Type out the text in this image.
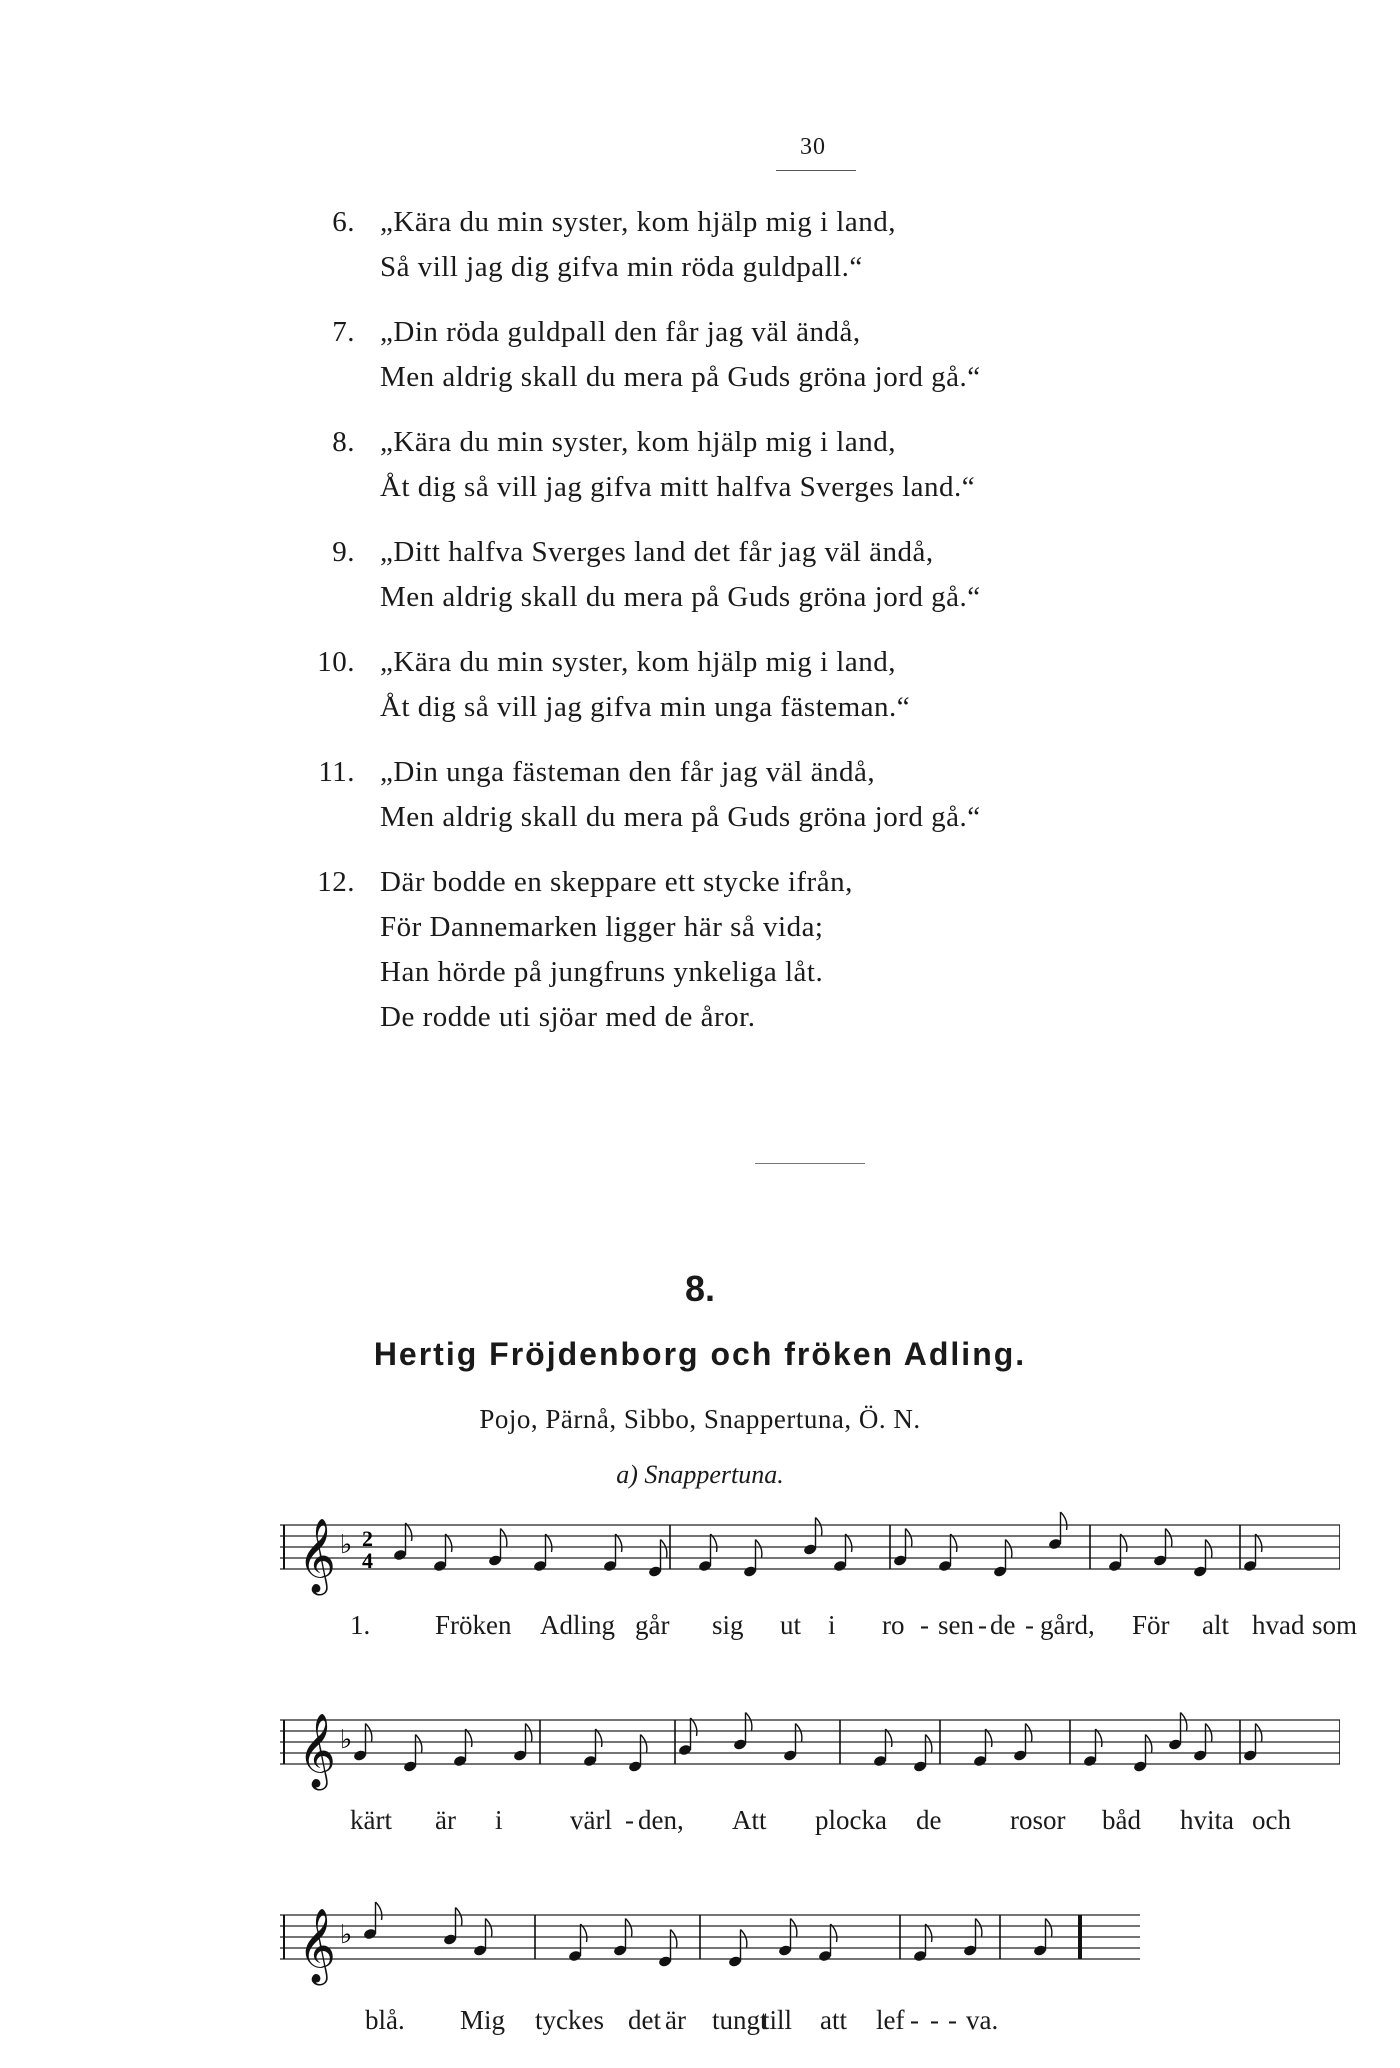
30
6. „Kära du min syster, kom hjälp mig i land,
Så vill jag dig gifva min röda guldpall.“
7. „Din röda guldpall den får jag väl ändå,
Men aldrig skall du mera på Guds gröna jord gå.“
8. „Kära du min syster, kom hjälp mig i land,
Åt dig så vill jag gifva mitt halfva Sverges land.“
9. „Ditt halfva Sverges land det får jag väl ändå,
Men aldrig skall du mera på Guds gröna jord gå.“
10. „Kära du min syster, kom hjälp mig i land,
Åt dig så vill jag gifva min unga fästeman.“
11. „Din unga fästeman den får jag väl ändå,
Men aldrig skall du mera på Guds gröna jord gå.“
12. Där bodde en skeppare ett stycke ifrån,
För Dannemarken ligger här så vida;
Han hörde på jungfruns ynkeliga låt.
De rodde uti sjöar med de åror.
8.
Hertig Fröjdenborg och fröken Adling.
Pojo, Pärnå, Sibbo, Snappertuna, Ö. N.
a) Snappertuna.
𝄞 ♭ 2
4
1. Fröken Adling går sig ut i ro - sen - de - gård, För alt hvad som
𝄞 ♭
kärt är i värl - den, Att plocka de	rosor båd hvita och
𝄞 ♭
blå. Mig tyckes det är tungt
till att lef - - - va.
